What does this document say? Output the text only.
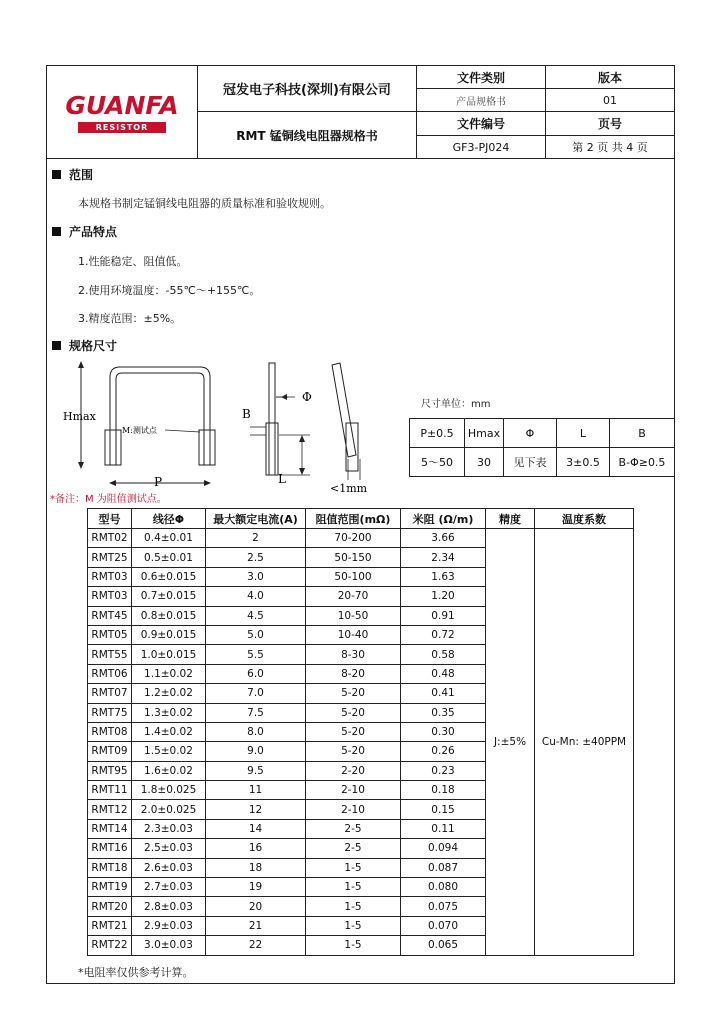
GUANFA
RESISTOR	冠发电子科技(深圳)有限公司	文件类别	版本
		产品规格书	01
	RMT 锰铜线电阻器规格书	文件编号	页号
		GF3-PJ024	第 2 页 共 4 页
范围
本规格书制定锰铜线电阻器的质量标准和验收规则。
产品特点
1.性能稳定、阻值低。
2.使用环境温度：-55℃～+155℃。
3.精度范围：±5%。
规格尺寸
Hmax
M:测试点
P
B
Φ
L
<1mm
尺寸单位：mm
*备注：M 为阻值测试点。
P±0.5	Hmax	Φ	L	B
5～50	30	见下表	3±0.5	B-Φ≥0.5
型号	线径Φ	最大额定电流(A)	阻值范围(mΩ)	米阻 (Ω/m)	精度	温度系数
RMT02	0.4±0.01	2	70-200	3.66	J:±5%	Cu-Mn: ±40PPM
RMT25	0.5±0.01	2.5	50-150	2.34		
RMT03	0.6±0.015	3.0	50-100	1.63		
RMT03	0.7±0.015	4.0	20-70	1.20		
RMT45	0.8±0.015	4.5	10-50	0.91		
RMT05	0.9±0.015	5.0	10-40	0.72		
RMT55	1.0±0.015	5.5	8-30	0.58		
RMT06	1.1±0.02	6.0	8-20	0.48		
RMT07	1.2±0.02	7.0	5-20	0.41		
RMT75	1.3±0.02	7.5	5-20	0.35		
RMT08	1.4±0.02	8.0	5-20	0.30		
RMT09	1.5±0.02	9.0	5-20	0.26		
RMT95	1.6±0.02	9.5	2-20	0.23		
RMT11	1.8±0.025	11	2-10	0.18		
RMT12	2.0±0.025	12	2-10	0.15		
RMT14	2.3±0.03	14	2-5	0.11		
RMT16	2.5±0.03	16	2-5	0.094		
RMT18	2.6±0.03	18	1-5	0.087		
RMT19	2.7±0.03	19	1-5	0.080		
RMT20	2.8±0.03	20	1-5	0.075		
RMT21	2.9±0.03	21	1-5	0.070		
RMT22	3.0±0.03	22	1-5	0.065		
*电阻率仅供参考计算。
